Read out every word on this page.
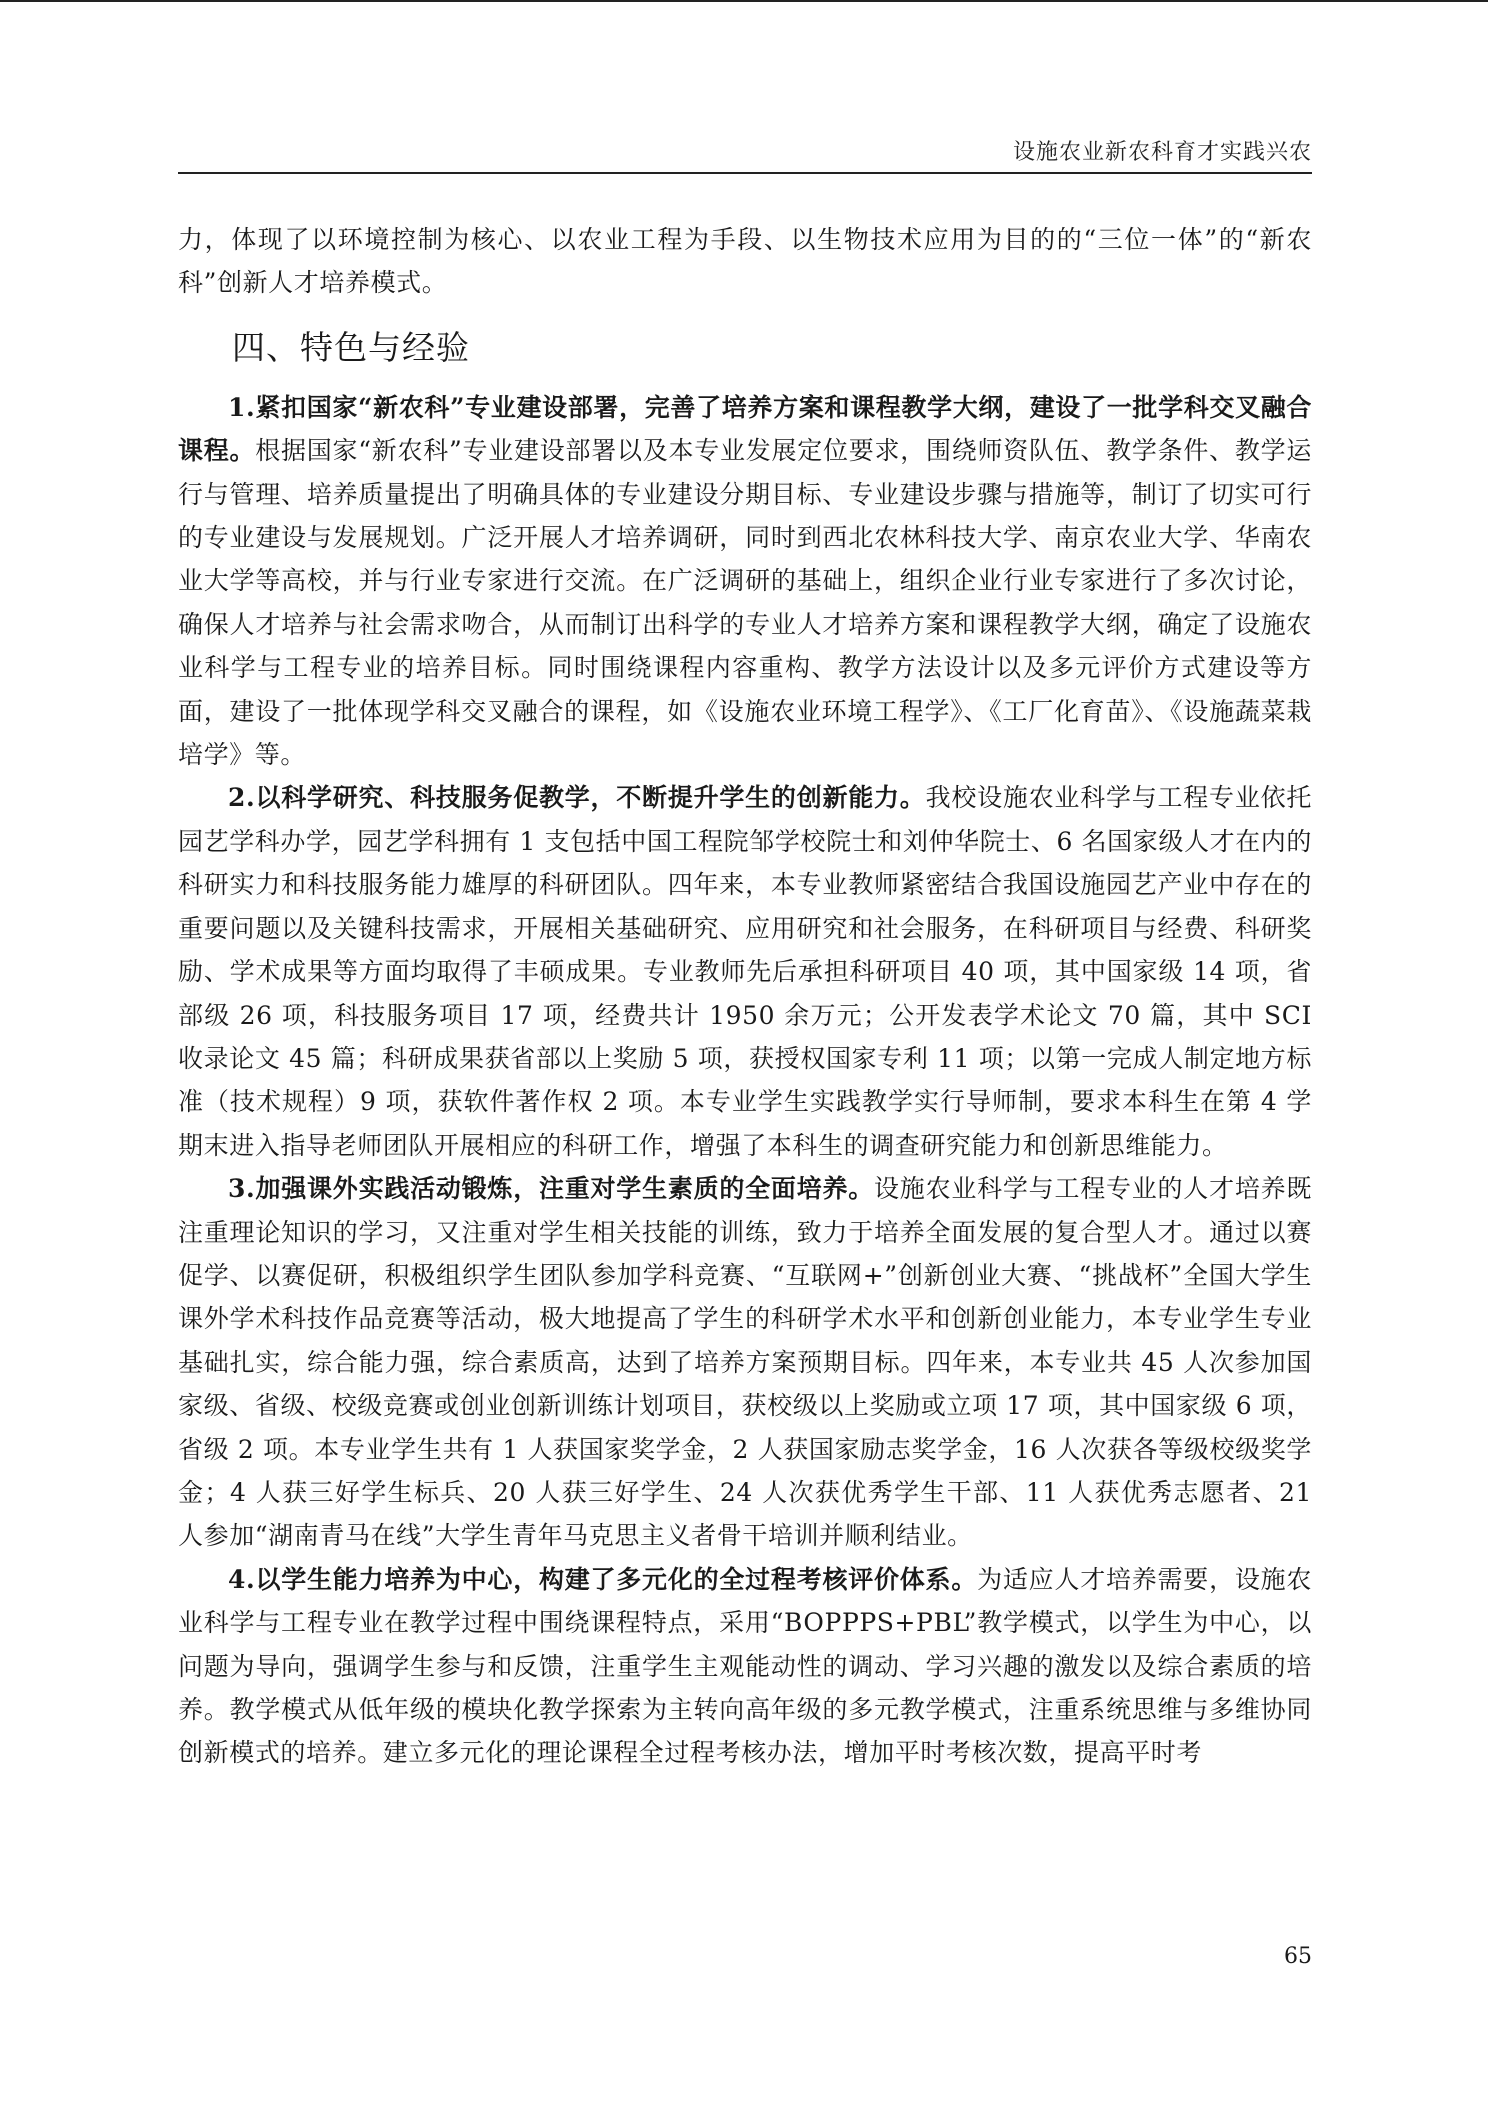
设施农业新农科育才实践兴农

力，体现了以环境控制为核心、以农业工程为手段、以生物技术应用为目的的“三位一体”的“新农科”创新人才培养模式。

四、特色与经验

1.紧扣国家“新农科”专业建设部署，完善了培养方案和课程教学大纲，建设了一批学科交叉融合课程。根据国家“新农科”专业建设部署以及本专业发展定位要求，围绕师资队伍、教学条件、教学运行与管理、培养质量提出了明确具体的专业建设分期目标、专业建设步骤与措施等，制订了切实可行的专业建设与发展规划。广泛开展人才培养调研，同时到西北农林科技大学、南京农业大学、华南农业大学等高校，并与行业专家进行交流。在广泛调研的基础上，组织企业行业专家进行了多次讨论，确保人才培养与社会需求吻合，从而制订出科学的专业人才培养方案和课程教学大纲，确定了设施农业科学与工程专业的培养目标。同时围绕课程内容重构、教学方法设计以及多元评价方式建设等方面，建设了一批体现学科交叉融合的课程，如《设施农业环境工程学》、《工厂化育苗》、《设施蔬菜栽培学》等。

2.以科学研究、科技服务促教学，不断提升学生的创新能力。我校设施农业科学与工程专业依托园艺学科办学，园艺学科拥有 1 支包括中国工程院邹学校院士和刘仲华院士、6 名国家级人才在内的科研实力和科技服务能力雄厚的科研团队。四年来，本专业教师紧密结合我国设施园艺产业中存在的重要问题以及关键科技需求，开展相关基础研究、应用研究和社会服务，在科研项目与经费、科研奖励、学术成果等方面均取得了丰硕成果。专业教师先后承担科研项目 40 项，其中国家级 14 项，省部级 26 项，科技服务项目 17 项，经费共计 1950 余万元；公开发表学术论文 70 篇，其中 SCI 收录论文 45 篇；科研成果获省部以上奖励 5 项，获授权国家专利 11 项；以第一完成人制定地方标准（技术规程）9 项，获软件著作权 2 项。本专业学生实践教学实行导师制，要求本科生在第 4 学期末进入指导老师团队开展相应的科研工作，增强了本科生的调查研究能力和创新思维能力。

3.加强课外实践活动锻炼，注重对学生素质的全面培养。设施农业科学与工程专业的人才培养既注重理论知识的学习，又注重对学生相关技能的训练，致力于培养全面发展的复合型人才。通过以赛促学、以赛促研，积极组织学生团队参加学科竞赛、“互联网+”创新创业大赛、“挑战杯”全国大学生课外学术科技作品竞赛等活动，极大地提高了学生的科研学术水平和创新创业能力，本专业学生专业基础扎实，综合能力强，综合素质高，达到了培养方案预期目标。四年来，本专业共 45 人次参加国家级、省级、校级竞赛或创业创新训练计划项目，获校级以上奖励或立项 17 项，其中国家级 6 项，省级 2 项。本专业学生共有 1 人获国家奖学金，2 人获国家励志奖学金，16 人次获各等级校级奖学金；4 人获三好学生标兵、20 人获三好学生、24 人次获优秀学生干部、11 人获优秀志愿者、21 人参加“湖南青马在线”大学生青年马克思主义者骨干培训并顺利结业。

4.以学生能力培养为中心，构建了多元化的全过程考核评价体系。为适应人才培养需要，设施农业科学与工程专业在教学过程中围绕课程特点，采用“BOPPPS+PBL”教学模式，以学生为中心，以问题为导向，强调学生参与和反馈，注重学生主观能动性的调动、学习兴趣的激发以及综合素质的培养。教学模式从低年级的模块化教学探索为主转向高年级的多元教学模式，注重系统思维与多维协同创新模式的培养。建立多元化的理论课程全过程考核办法，增加平时考核次数，提高平时考

65
